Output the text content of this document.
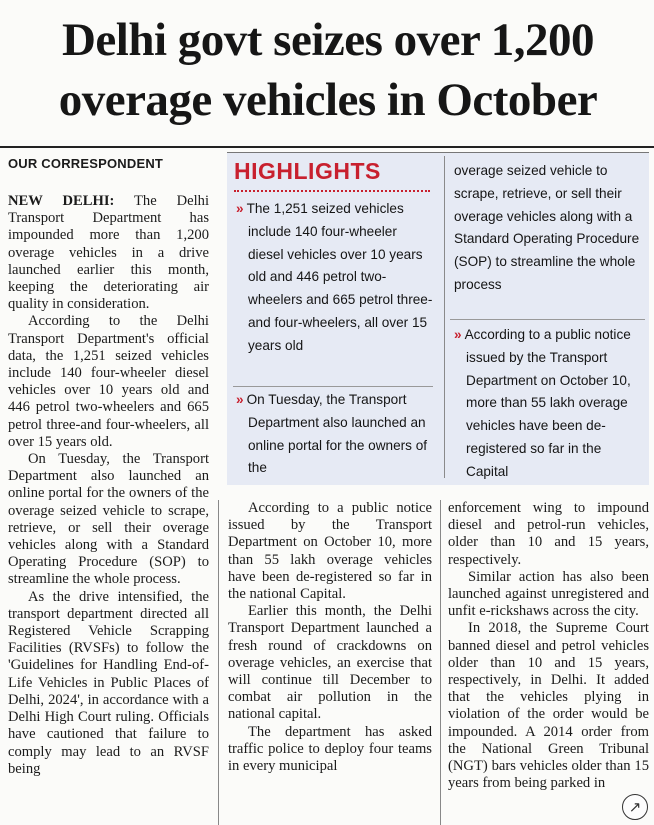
Delhi govt seizes over 1,200 overage vehicles in October
OUR CORRESPONDENT

NEW DELHI: The Delhi Transport Department has impounded more than 1,200 overage vehicles in a drive launched earlier this month, keeping the deteriorating air quality in consideration.

According to the Delhi Transport Department's official data, the 1,251 seized vehicles include 140 four-wheeler diesel vehicles over 10 years old and 446 petrol two-wheelers and 665 petrol three-and four-wheelers, all over 15 years old.

On Tuesday, the Transport Department also launched an online portal for the owners of the overage seized vehicle to scrape, retrieve, or sell their overage vehicles along with a Standard Operating Procedure (SOP) to streamline the whole process.

As the drive intensified, the transport department directed all Registered Vehicle Scrapping Facilities (RVSFs) to follow the 'Guidelines for Handling End-of-Life Vehicles in Public Places of Delhi, 2024', in accordance with a Delhi High Court ruling. Officials have cautioned that failure to comply may lead to an RVSF being

HIGHLIGHTS
» The 1,251 seized vehicles include 140 four-wheeler diesel vehicles over 10 years old and 446 petrol two-wheelers and 665 petrol three- and four-wheelers, all over 15 years old
» On Tuesday, the Transport Department also launched an online portal for the owners of the
overage seized vehicle to scrape, retrieve, or sell their overage vehicles along with a Standard Operating Procedure (SOP) to streamline the whole process
» According to a public notice issued by the Transport Department on October 10, more than 55 lakh overage vehicles have been de-registered so far in the Capital

According to a public notice issued by the Transport Department on October 10, more than 55 lakh overage vehicles have been de-registered so far in the national Capital.

Earlier this month, the Delhi Transport Department launched a fresh round of crackdowns on overage vehicles, an exercise that will continue till December to combat air pollution in the national capital.

The department has asked traffic police to deploy four teams in every municipal

enforcement wing to impound diesel and petrol-run vehicles, older than 10 and 15 years, respectively.

Similar action has also been launched against unregistered and unfit e-rickshaws across the city.

In 2018, the Supreme Court banned diesel and petrol vehicles older than 10 and 15 years, respectively, in Delhi. It added that the vehicles plying in violation of the order would be impounded. A 2014 order from the National Green Tribunal (NGT) bars vehicles older than 15 years from being parked in

↗
